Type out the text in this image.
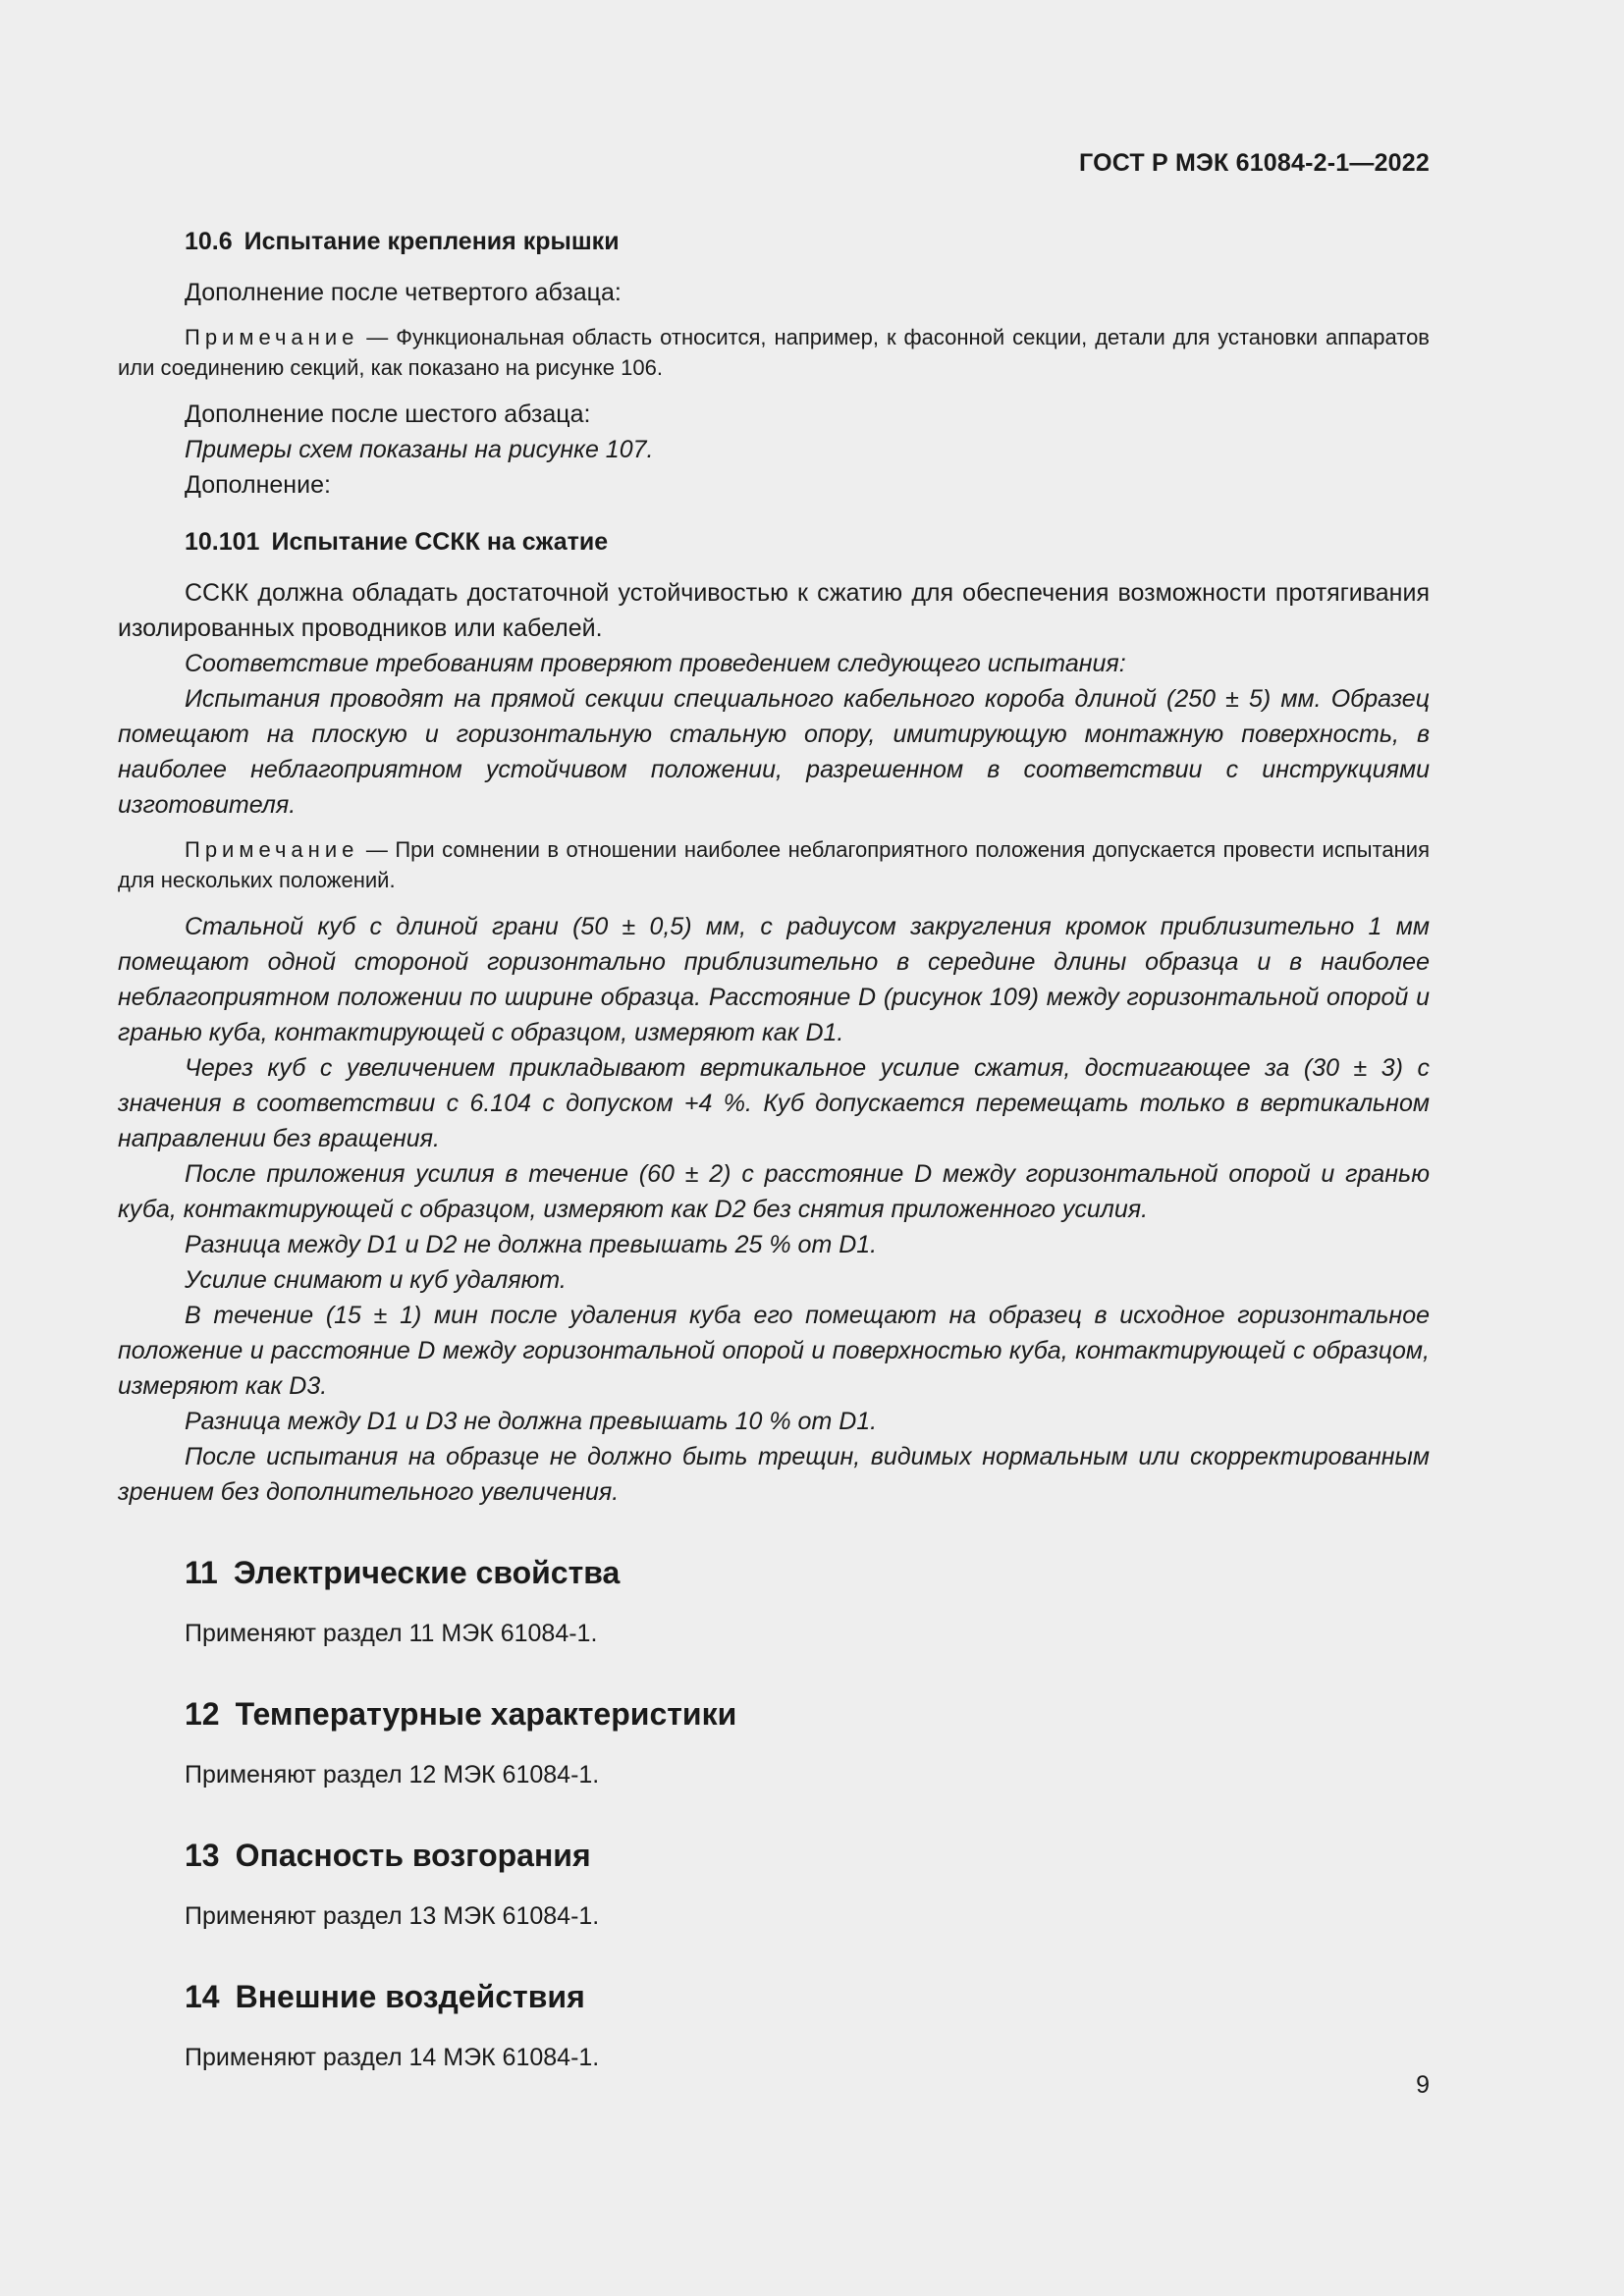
ГОСТ Р МЭК 61084-2-1—2022

10.6 Испытание крепления крышки

Дополнение после четвертого абзаца:

Примечание — Функциональная область относится, например, к фасонной секции, детали для установки аппаратов или соединению секций, как показано на рисунке 106.

Дополнение после шестого абзаца:

Примеры схем показаны на рисунке 107.

Дополнение:

10.101 Испытание ССКК на сжатие

ССКК должна обладать достаточной устойчивостью к сжатию для обеспечения возможности протягивания изолированных проводников или кабелей.

Соответствие требованиям проверяют проведением следующего испытания:

Испытания проводят на прямой секции специального кабельного короба длиной (250 ± 5) мм. Образец помещают на плоскую и горизонтальную стальную опору, имитирующую монтажную поверхность, в наиболее неблагоприятном устойчивом положении, разрешенном в соответствии с инструкциями изготовителя.

Примечание — При сомнении в отношении наиболее неблагоприятного положения допускается провести испытания для нескольких положений.

Стальной куб с длиной грани (50 ± 0,5) мм, с радиусом закругления кромок приблизительно 1 мм помещают одной стороной горизонтально приблизительно в середине длины образца и в наиболее неблагоприятном положении по ширине образца. Расстояние D (рисунок 109) между горизонтальной опорой и гранью куба, контактирующей с образцом, измеряют как D1.

Через куб с увеличением прикладывают вертикальное усилие сжатия, достигающее за (30 ± 3) с значения в соответствии с 6.104 с допуском +4 %. Куб допускается перемещать только в вертикальном направлении без вращения.

После приложения усилия в течение (60 ± 2) с расстояние D между горизонтальной опорой и гранью куба, контактирующей с образцом, измеряют как D2 без снятия приложенного усилия.

Разница между D1 и D2 не должна превышать 25 % от D1.

Усилие снимают и куб удаляют.

В течение (15 ± 1) мин после удаления куба его помещают на образец в исходное горизонтальное положение и расстояние D между горизонтальной опорой и поверхностью куба, контактирующей с образцом, измеряют как D3.

Разница между D1 и D3 не должна превышать 10 % от D1.

После испытания на образце не должно быть трещин, видимых нормальным или скорректированным зрением без дополнительного увеличения.

11 Электрические свойства

Применяют раздел 11 МЭК 61084-1.

12 Температурные характеристики

Применяют раздел 12 МЭК 61084-1.

13 Опасность возгорания

Применяют раздел 13 МЭК 61084-1.

14 Внешние воздействия

Применяют раздел 14 МЭК 61084-1.

9
